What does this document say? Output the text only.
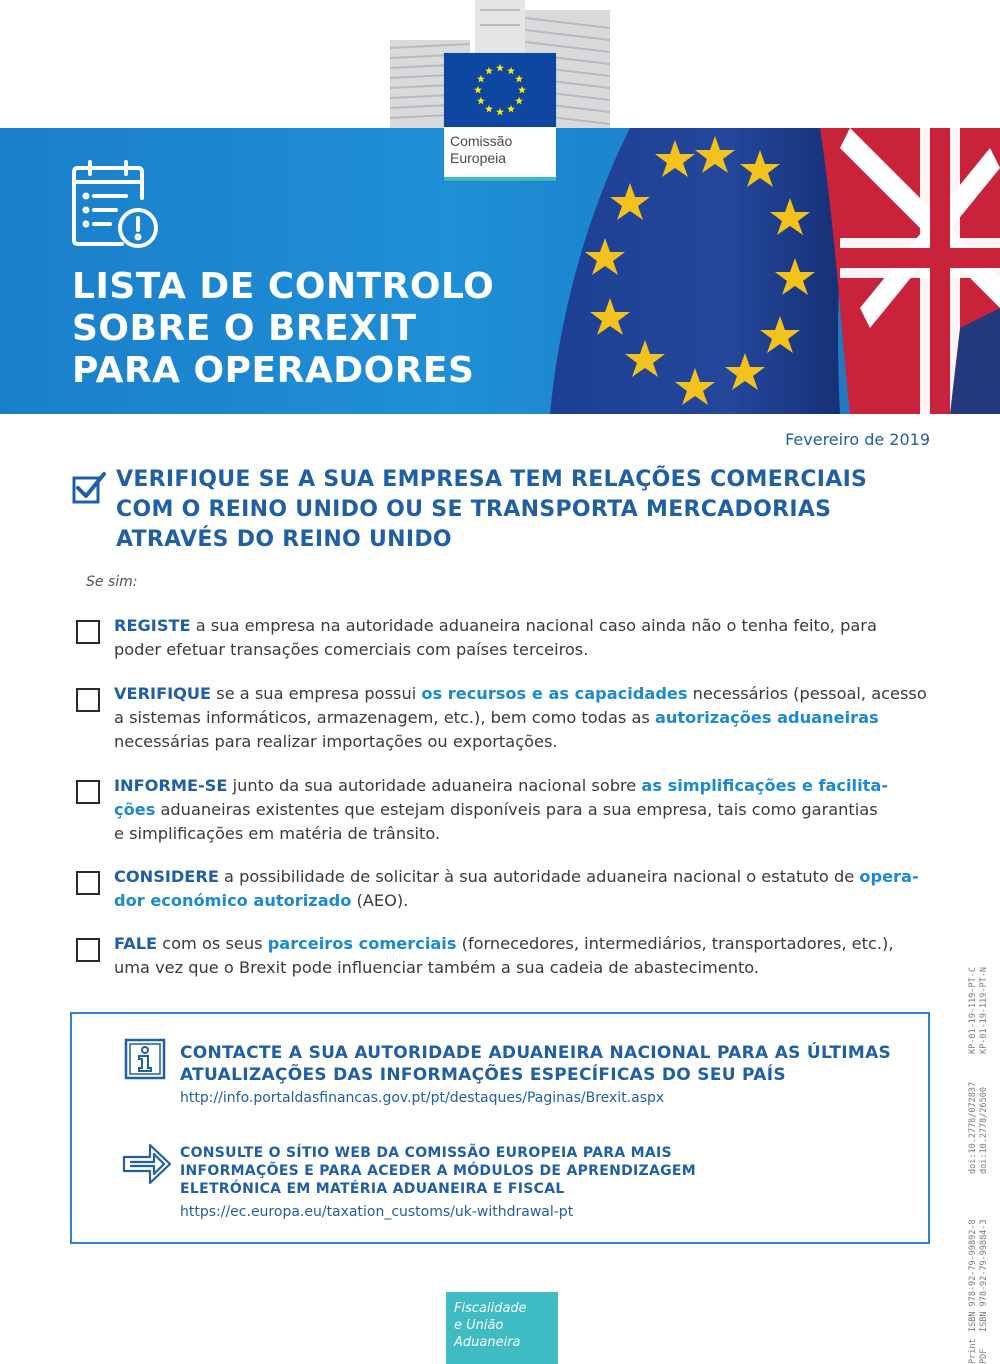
LISTA DE CONTROLO
SOBRE O BREXIT
PARA OPERADORES
Comissão
Europeia
Fevereiro de 2019
VERIFIQUE SE A SUA EMPRESA TEM RELAÇÕES COMERCIAIS
COM O REINO UNIDO OU SE TRANSPORTA MERCADORIAS
ATRAVÉS DO REINO UNIDO
Se sim:
REGISTE a sua empresa na autoridade aduaneira nacional caso ainda não o tenha feito, para
poder efetuar transações comerciais com países terceiros.
VERIFIQUE se a sua empresa possui os recursos e as capacidades necessários (pessoal, acesso
a sistemas informáticos, armazenagem, etc.), bem como todas as autorizações aduaneiras
necessárias para realizar importações ou exportações.
INFORME-SE junto da sua autoridade aduaneira nacional sobre as simplificações e facilita-
ções aduaneiras existentes que estejam disponíveis para a sua empresa, tais como garantias
e simplificações em matéria de trânsito.
CONSIDERE a possibilidade de solicitar à sua autoridade aduaneira nacional o estatuto de opera-
dor económico autorizado (AEO).
FALE com os seus parceiros comerciais (fornecedores, intermediários, transportadores, etc.),
uma vez que o Brexit pode influenciar também a sua cadeia de abastecimento.
CONTACTE A SUA AUTORIDADE ADUANEIRA NACIONAL PARA AS ÚLTIMAS
ATUALIZAÇÕES DAS INFORMAÇÕES ESPECÍFICAS DO SEU PAÍS
http://info.portaldasfinancas.gov.pt/pt/destaques/Paginas/Brexit.aspx
CONSULTE O SÍTIO WEB DA COMISSÃO EUROPEIA PARA MAIS
INFORMAÇÕES E PARA ACEDER A MÓDULOS DE APRENDIZAGEM
ELETRÓNICA EM MATÉRIA ADUANEIRA E FISCAL
https://ec.europa.eu/taxation_customs/uk-withdrawal-pt
Fiscalidade
e União
Aduaneira	PrintISBN 978-92-79-99892-8doi:10.2778/072837KP-01-19-119-PT-C
PDFISBN 978-92-79-99884-3doi:10.2778/26500KP-01-19-119-PT-N
